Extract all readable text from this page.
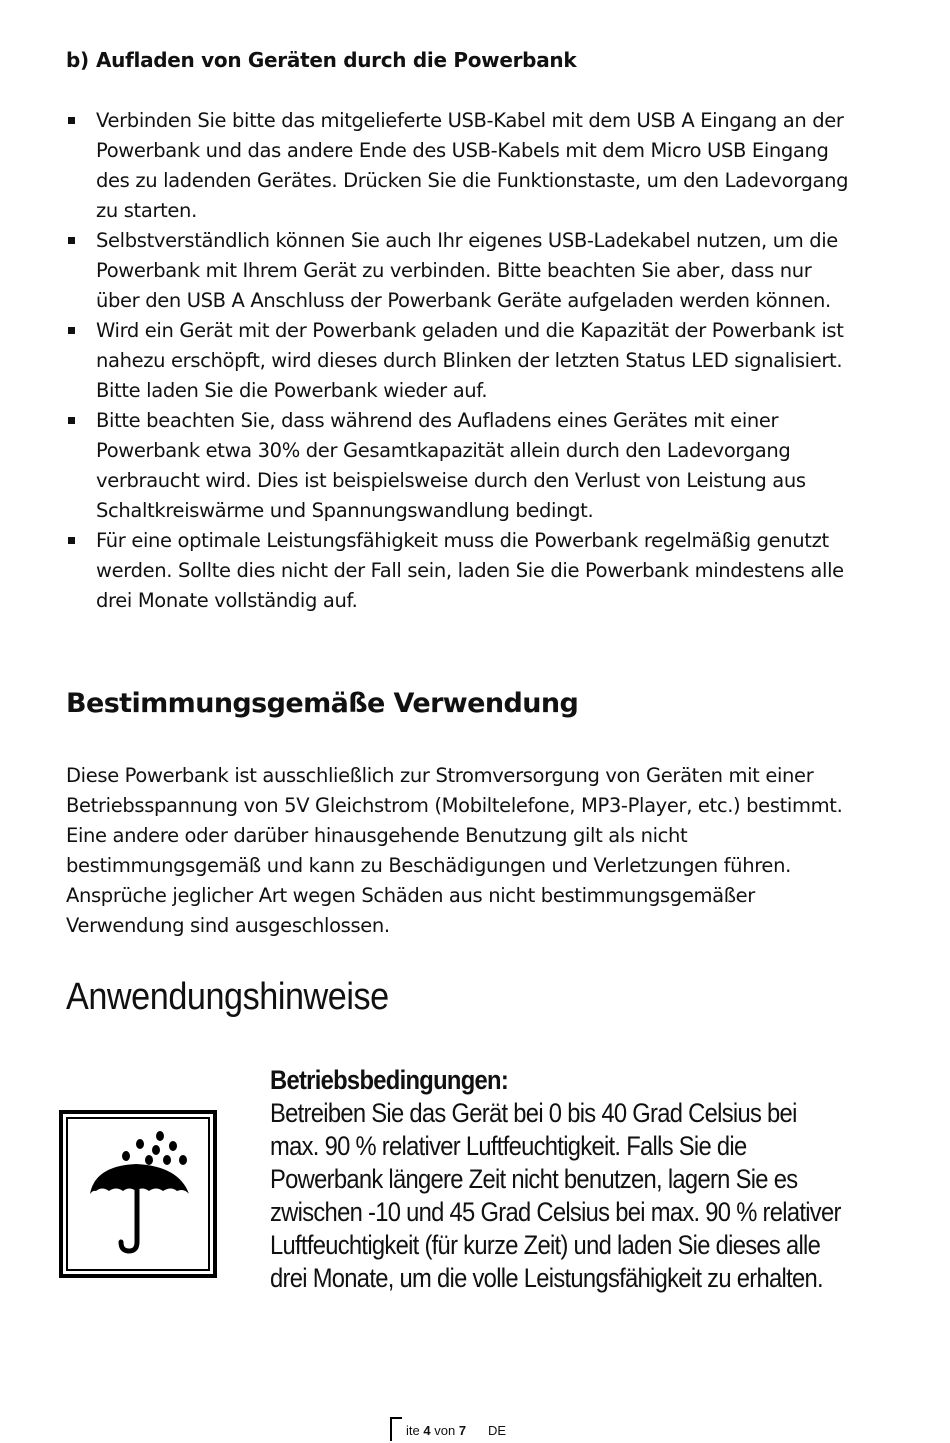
b) Aufladen von Geräten durch die Powerbank
Verbinden Sie bitte das mitgelieferte USB-Kabel mit dem USB A Eingang an der Powerbank und das andere Ende des USB-Kabels mit dem Micro USB Eingang des zu ladenden Gerätes. Drücken Sie die Funktionstaste, um den Ladevorgang zu starten.
Selbstverständlich können Sie auch Ihr eigenes USB-Ladekabel nutzen, um die Powerbank mit Ihrem Gerät zu verbinden. Bitte beachten Sie aber, dass nur über den USB A Anschluss der Powerbank Geräte aufgeladen werden können.
Wird ein Gerät mit der Powerbank geladen und die Kapazität der Powerbank ist nahezu erschöpft, wird dieses durch Blinken der letzten Status LED signalisiert. Bitte laden Sie die Powerbank wieder auf.
Bitte beachten Sie, dass während des Aufladens eines Gerätes mit einer Powerbank etwa 30% der Gesamtkapazität allein durch den Ladevorgang verbraucht wird. Dies ist beispielsweise durch den Verlust von Leistung aus Schaltkreiswärme und Spannungswandlung bedingt.
Für eine optimale Leistungsfähigkeit muss die Powerbank regelmäßig genutzt werden. Sollte dies nicht der Fall sein, laden Sie die Powerbank mindestens alle drei Monate vollständig auf.
Bestimmungsgemäße Verwendung

Diese Powerbank ist ausschließlich zur Stromversorgung von Geräten mit einer Betriebsspannung von 5V Gleichstrom (Mobiltelefone, MP3-Player, etc.) bestimmt. Eine andere oder darüber hinausgehende Benutzung gilt als nicht bestimmungsgemäß und kann zu Beschädigungen und Verletzungen führen. Ansprüche jeglicher Art wegen Schäden aus nicht bestimmungsgemäßer Verwendung sind ausgeschlossen.

Anwendungshinweise
Betriebsbedingungen:

Betreiben Sie das Gerät bei 0 bis 40 Grad Celsius bei max. 90 % relativer Luftfeuchtigkeit. Falls Sie die Powerbank längere Zeit nicht benutzen, lagern Sie es zwischen -10 und 45 Grad Celsius bei max. 90 % relativer Luftfeuchtigkeit (für kurze Zeit) und laden Sie dieses alle drei Monate, um die volle Leistungsfähigkeit zu erhalten.

ite
4
von
7 DE
